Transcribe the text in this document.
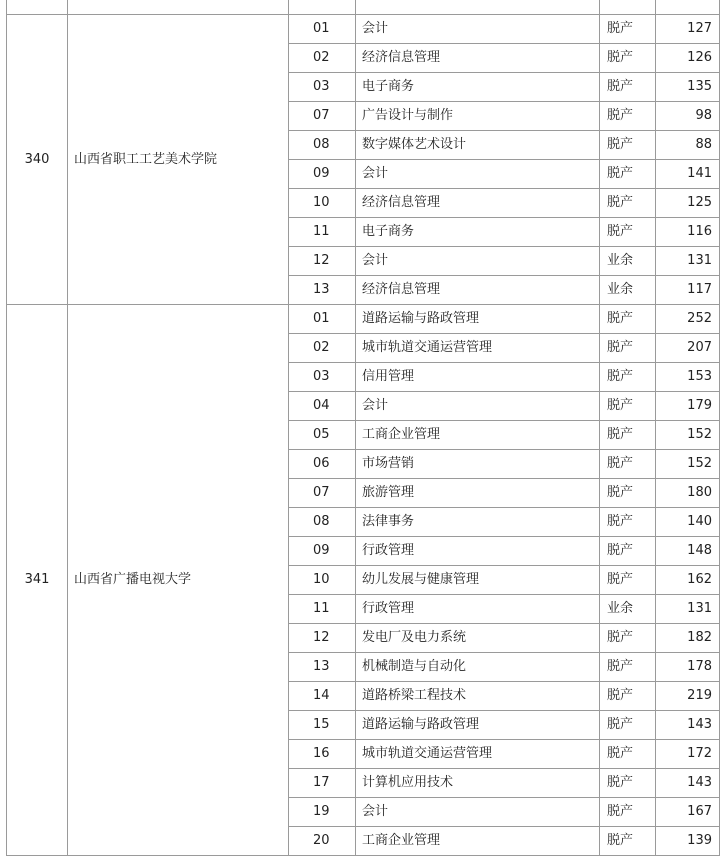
340	山西省职工工艺美术学院	01	会计	脱产	127
		02	经济信息管理	脱产	126
		03	电子商务	脱产	135
		07	广告设计与制作	脱产	98
		08	数字媒体艺术设计	脱产	88
		09	会计	脱产	141
		10	经济信息管理	脱产	125
		11	电子商务	脱产	116
		12	会计	业余	131
		13	经济信息管理	业余	117
341	山西省广播电视大学	01	道路运输与路政管理	脱产	252
		02	城市轨道交通运营管理	脱产	207
		03	信用管理	脱产	153
		04	会计	脱产	179
		05	工商企业管理	脱产	152
		06	市场营销	脱产	152
		07	旅游管理	脱产	180
		08	法律事务	脱产	140
		09	行政管理	脱产	148
		10	幼儿发展与健康管理	脱产	162
		11	行政管理	业余	131
		12	发电厂及电力系统	脱产	182
		13	机械制造与自动化	脱产	178
		14	道路桥梁工程技术	脱产	219
		15	道路运输与路政管理	脱产	143
		16	城市轨道交通运营管理	脱产	172
		17	计算机应用技术	脱产	143
		19	会计	脱产	167
		20	工商企业管理	脱产	139
